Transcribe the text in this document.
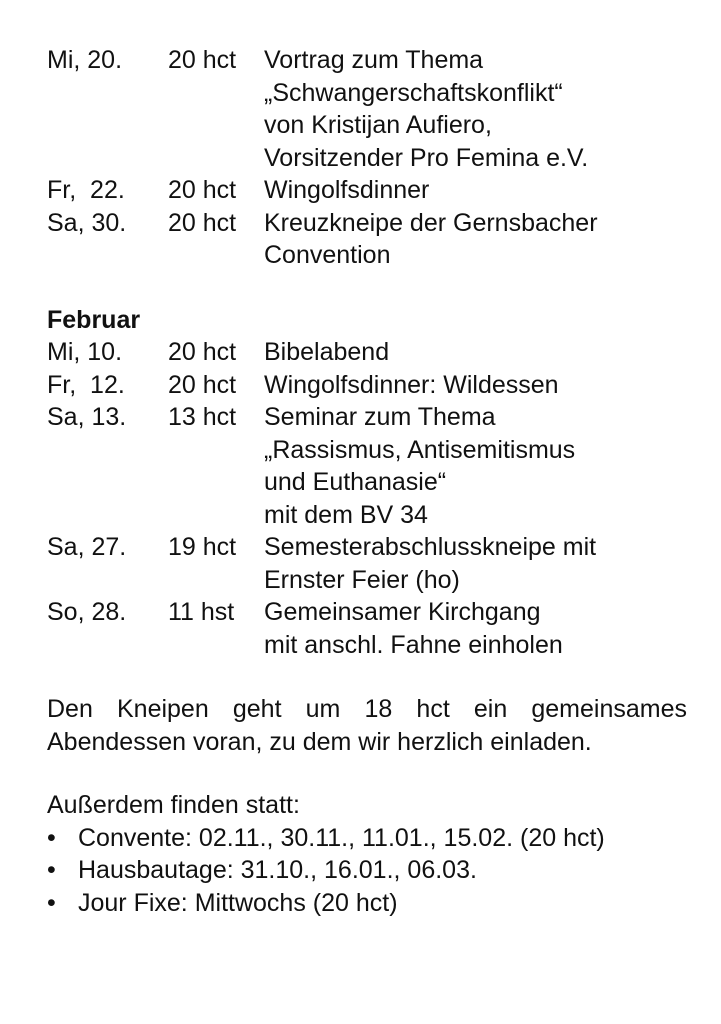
Mi, 20.	20 hct	Vortrag zum Thema
„Schwangerschaftskonflikt“
von Kristijan Aufiero,
Vorsitzender Pro Femina e.V.
Fr,  22.	20 hct	Wingolfsdinner
Sa, 30.	20 hct	Kreuzkneipe der Gernsbacher
Convention
Februar
Mi, 10.	20 hct	Bibelabend
Fr,  12.	20 hct	Wingolfsdinner: Wildessen
Sa, 13.	13 hct	Seminar zum Thema
„Rassismus, Antisemitismus
und Euthanasie“
mit dem BV 34
Sa, 27.	19 hct	Semesterabschlusskneipe mit
Ernster Feier (ho)
So, 28.	11 hst	Gemeinsamer Kirchgang
mit anschl. Fahne einholen
Den Kneipen geht um 18 hct ein gemeinsames
Abendessen voran, zu dem wir herzlich einladen.
Außerdem finden statt:
• Convente: 02.11., 30.11., 11.01., 15.02. (20 hct)
• Hausbautage: 31.10., 16.01., 06.03.
• Jour Fixe: Mittwochs (20 hct)
